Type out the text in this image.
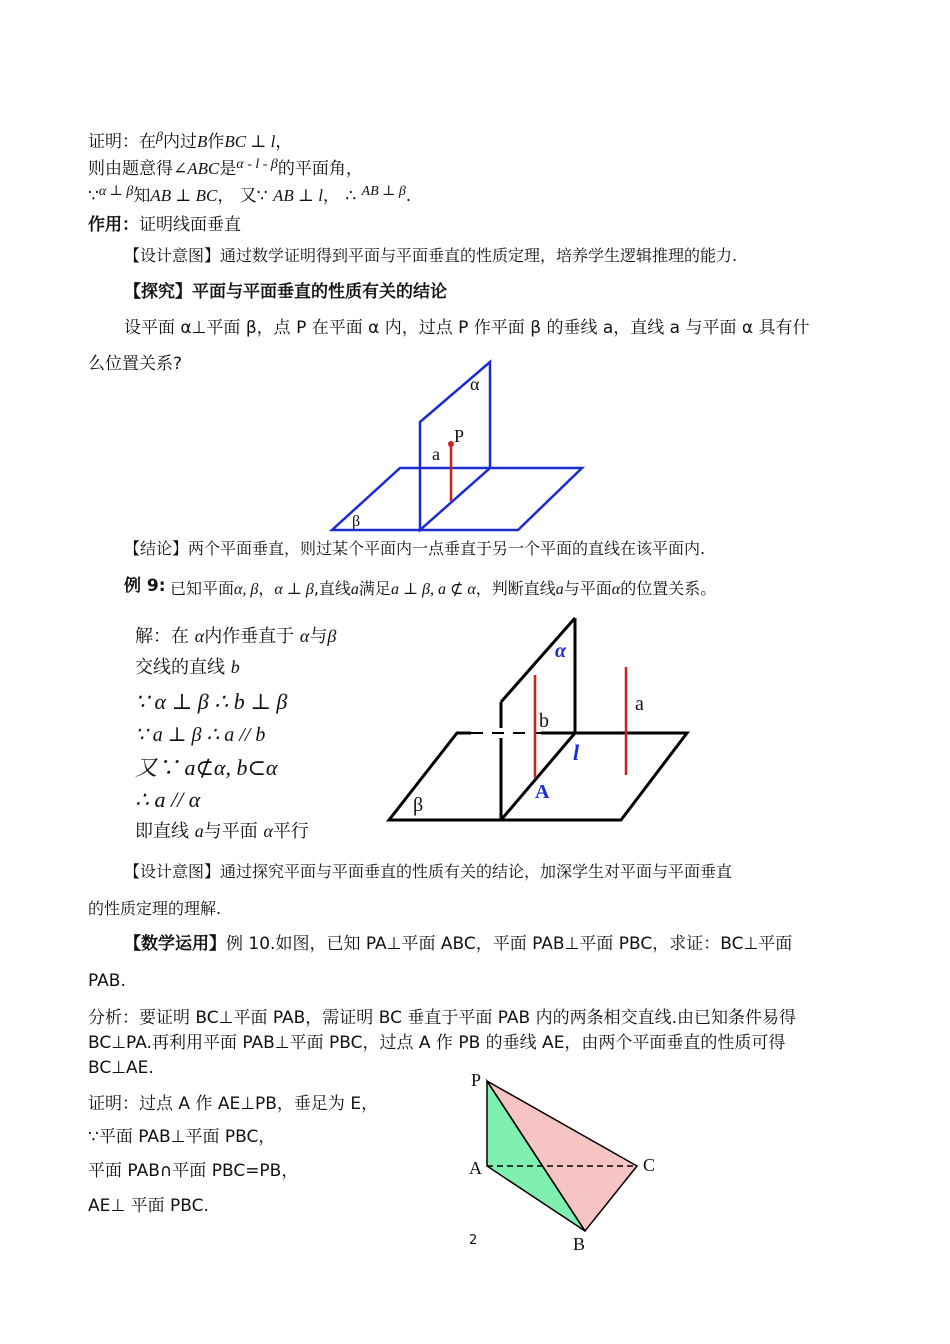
证明：在$^\beta$内过B作BC ⊥ l，
则由题意得∠ABC是$^{\alpha - l - \beta}$的平面角，
∵$^{\alpha \perp \beta}$知AB ⊥ BC， 又∵ AB ⊥ l， ∴ $^{AB \perp \beta}$.
作用：证明线面垂直
【设计意图】通过数学证明得到平面与平面垂直的性质定理，培养学生逻辑推理的能力.
【探究】平面与平面垂直的性质有关的结论
设平面 α⊥平面 β，点 P 在平面 α 内，过点 P 作平面 β 的垂线 a，直线 a 与平面 α 具有什
么位置关系?
α
P
a
β
【结论】两个平面垂直，则过某个平面内一点垂直于另一个平面的直线在该平面内.
例 9: 已知平面α, β，α ⊥ β,直线a满足a ⊥ β, a ⊄ α，判断直线a与平面α的位置关系。
解：在 α内作垂直于 α与β
交线的直线 b
∵ α ⊥ β ∴ b ⊥ β
∵ a ⊥ β ∴ a // b
又∵ a⊄α, b⊂α
∴ a // α
即直线 a与平面 α平行
α
a
b
l
A
β
【设计意图】通过探究平面与平面垂直的性质有关的结论，加深学生对平面与平面垂直
的性质定理的理解.
【数学运用】例 10.如图，已知 PA⊥平面 ABC，平面 PAB⊥平面 PBC，求证：BC⊥平面
PAB.
分析：要证明 BC⊥平面 PAB，需证明 BC 垂直于平面 PAB 内的两条相交直线.由已知条件易得
BC⊥PA.再利用平面 PAB⊥平面 PBC，过点 A 作 PB 的垂线 AE，由两个平面垂直的性质可得
BC⊥AE.
证明：过点 A 作 AE⊥PB，垂足为 E，
∵平面 PAB⊥平面 PBC，
平面 PAB∩平面 PBC=PB，
AE⊥ 平面 PBC.
P
A	C
B
2
